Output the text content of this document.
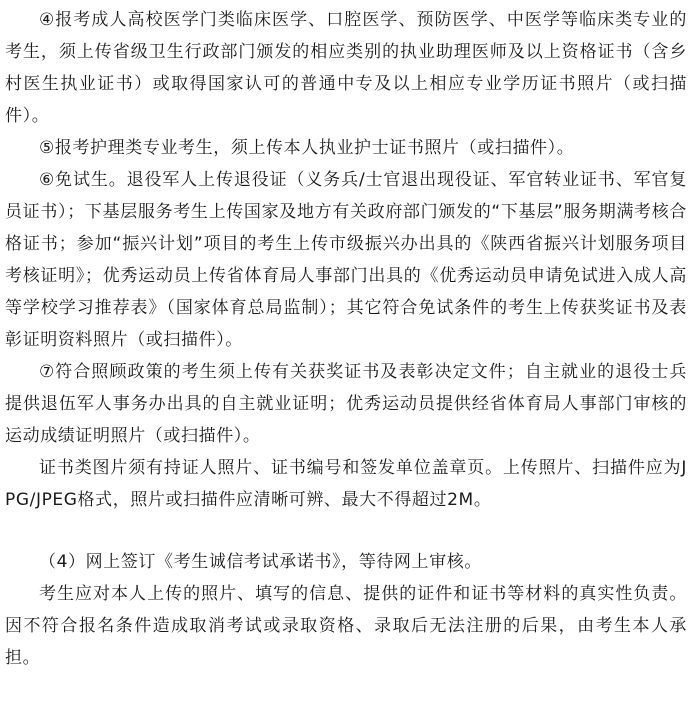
④报考成人高校医学门类临床医学、口腔医学、预防医学、中医学等临床类专业的考生，须上传省级卫生行政部门颁发的相应类别的执业助理医师及以上资格证书（含乡村医生执业证书）或取得国家认可的普通中专及以上相应专业学历证书照片（或扫描件）。

⑤报考护理类专业考生，须上传本人执业护士证书照片（或扫描件）。

⑥免试生。退役军人上传退役证（义务兵/士官退出现役证、军官转业证书、军官复员证书）；下基层服务考生上传国家及地方有关政府部门颁发的“下基层”服务期满考核合格证书；参加“振兴计划”项目的考生上传市级振兴办出具的《陕西省振兴计划服务项目考核证明》；优秀运动员上传省体育局人事部门出具的《优秀运动员申请免试进入成人高等学校学习推荐表》（国家体育总局监制）；其它符合免试条件的考生上传获奖证书及表彰证明资料照片（或扫描件）。

⑦符合照顾政策的考生须上传有关获奖证书及表彰决定文件；自主就业的退役士兵提供退伍军人事务办出具的自主就业证明；优秀运动员提供经省体育局人事部门审核的运动成绩证明照片（或扫描件）。

证书类图片须有持证人照片、证书编号和签发单位盖章页。上传照片、扫描件应为JPG/JPEG格式，照片或扫描件应清晰可辨、最大不得超过2M。

（4）网上签订《考生诚信考试承诺书》，等待网上审核。

考生应对本人上传的照片、填写的信息、提供的证件和证书等材料的真实性负责。因不符合报名条件造成取消考试或录取资格、录取后无法注册的后果，由考生本人承担。
